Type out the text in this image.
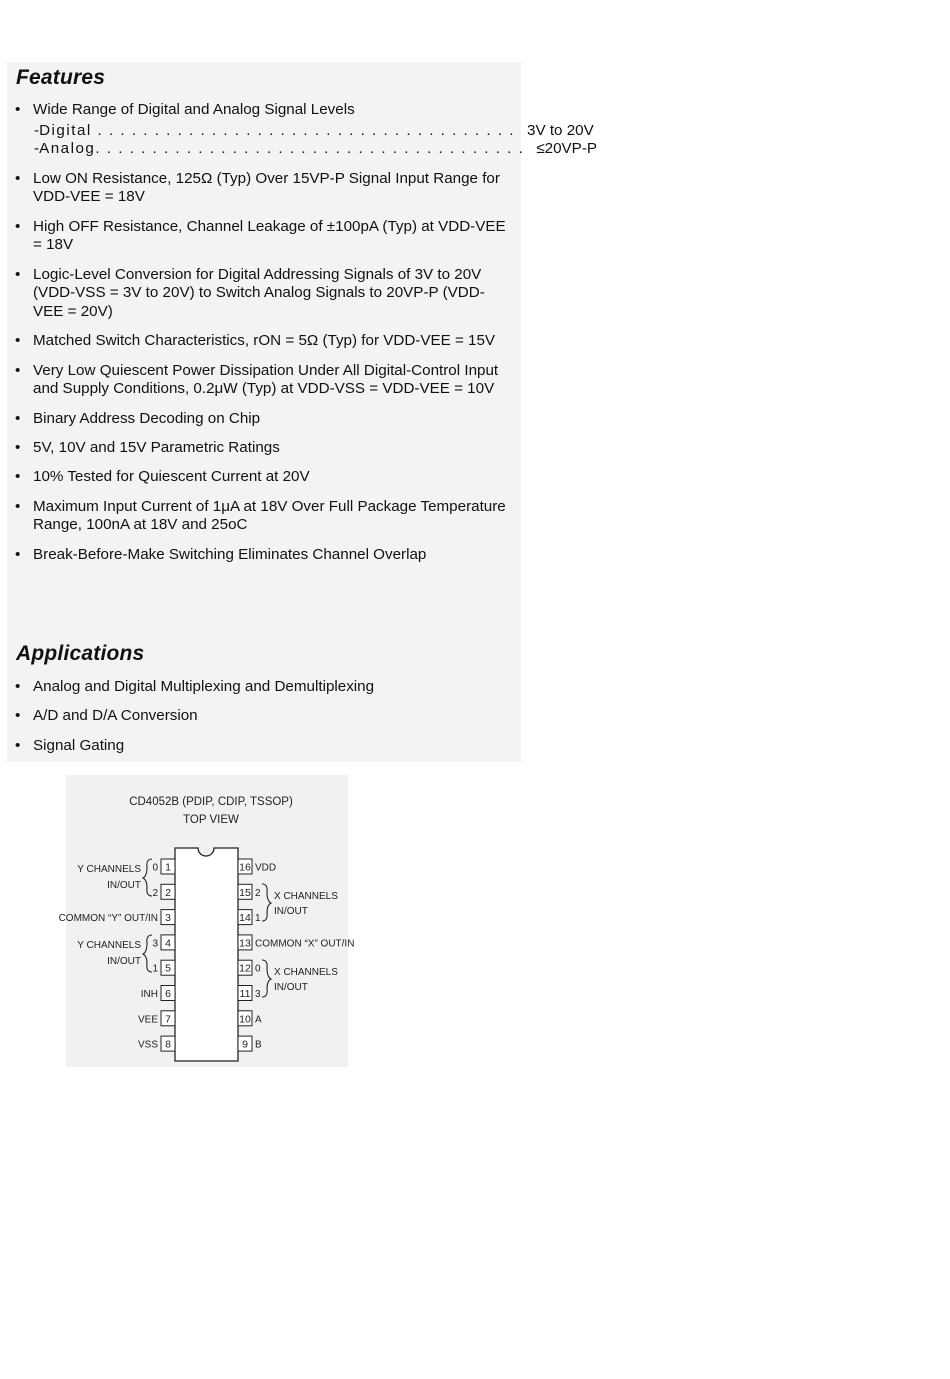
Features
• Wide Range of Digital and Analog Signal Levels
- Digital . . . . . . . . . . . . . . . . . . . . . . . . . . . . . . . . . . . . . 3V to 20V
- Analog. . . . . . . . . . . . . . . . . . . . . . . . . . . . . . . . . . . . . . ≤20VP-P
• Low ON Resistance, 125Ω (Typ) Over 15VP-P Signal Input Range for VDD-VEE = 18V
• High OFF Resistance, Channel Leakage of ±100pA (Typ) at VDD-VEE = 18V
• Logic-Level Conversion for Digital Addressing Signals of 3V to 20V (VDD-VSS = 3V to 20V) to Switch Analog Signals to 20VP-P (VDD-VEE = 20V)
• Matched Switch Characteristics, rON = 5Ω (Typ) for VDD-VEE = 15V
• Very Low Quiescent Power Dissipation Under All Digital-Control Input and Supply Conditions, 0.2μW (Typ) at VDD-VSS = VDD-VEE = 10V
• Binary Address Decoding on Chip
• 5V, 10V and 15V Parametric Ratings
• 10% Tested for Quiescent Current at 20V
• Maximum Input Current of 1μA at 18V Over Full Package Temperature Range, 100nA at 18V and 25oC
• Break-Before-Make Switching Eliminates Channel Overlap
Applications
• Analog and Digital Multiplexing and Demultiplexing
• A/D and D/A Conversion
• Signal Gating
CD4052B (PDIP, CDIP, TSSOP)
TOP VIEW
1
0
2
2
3
COMMON “Y” OUT/IN
4
3
5
1
6
INH
7
VEE
8
VSS
16 VDD
15 2
14 1
13 COMMON “X” OUT/IN
12 0
11 3
10 A
9 B
Y CHANNELS
IN/OUT
Y CHANNELS
IN/OUT
X CHANNELS
IN/OUT
X CHANNELS
IN/OUT
